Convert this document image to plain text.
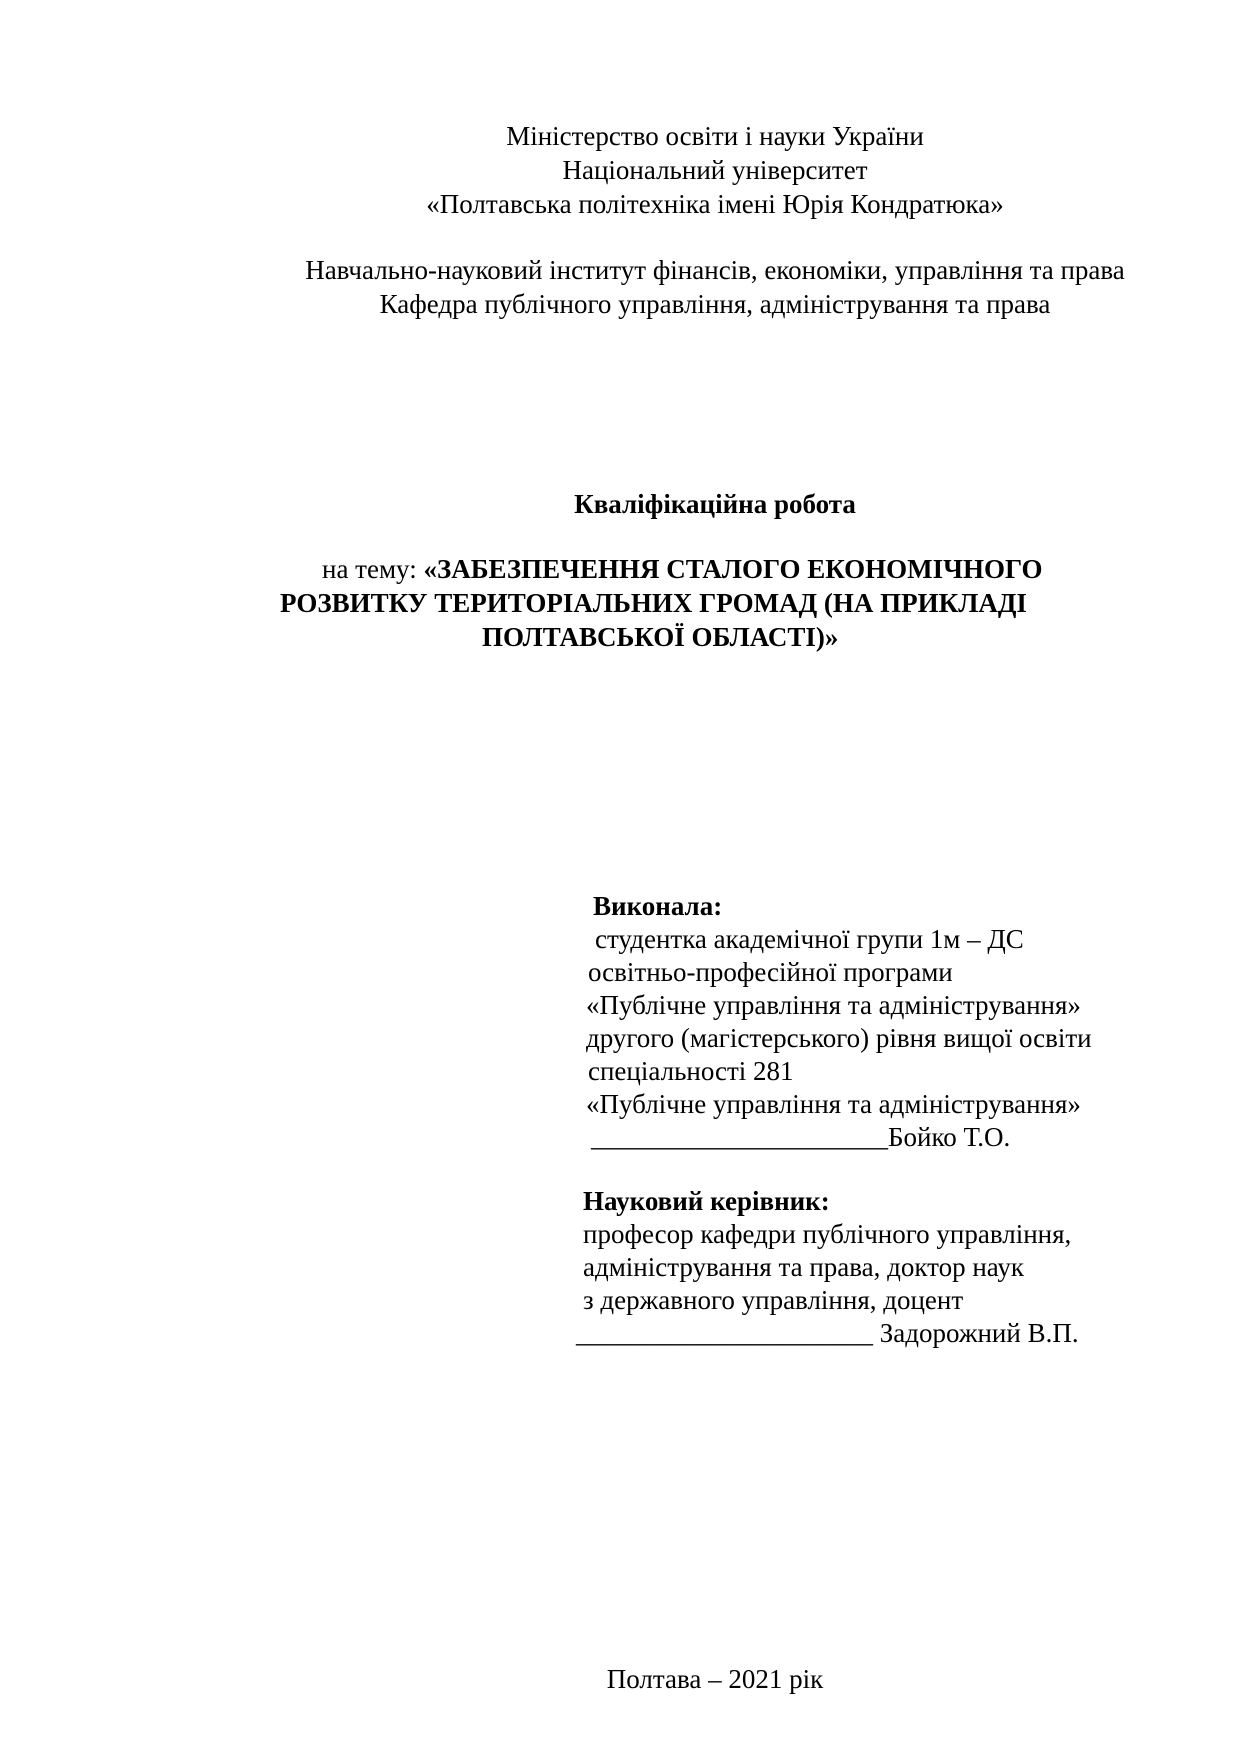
Міністерство освіти і науки України
Національний університет
«Полтавська політехніка імені Юрія Кондратюка»
Навчально-науковий інститут фінансів, економіки, управління та права
Кафедра публічного управління, адміністрування та права
Кваліфікаційна робота
на тему: «ЗАБЕЗПЕЧЕННЯ СТАЛОГО ЕКОНОМІЧНОГО
РОЗВИТКУ ТЕРИТОРІАЛЬНИХ ГРОМАД (НА ПРИКЛАДІ
ПОЛТАВСЬКОЇ ОБЛАСТІ)»
Виконала:
студентка академічної групи 1м – ДС
освітньо-професійної програми
«Публічне управління та адміністрування»
другого (магістерського) рівня вищої освіти
спеціальності 281
«Публічне управління та адміністрування»
______________________Бойко Т.О.
Науковий керівник:
професор кафедри публічного управління,
адміністрування та права, доктор наук
з державного управління, доцент
______________________ Задорожний В.П.
Полтава – 2021 рік
